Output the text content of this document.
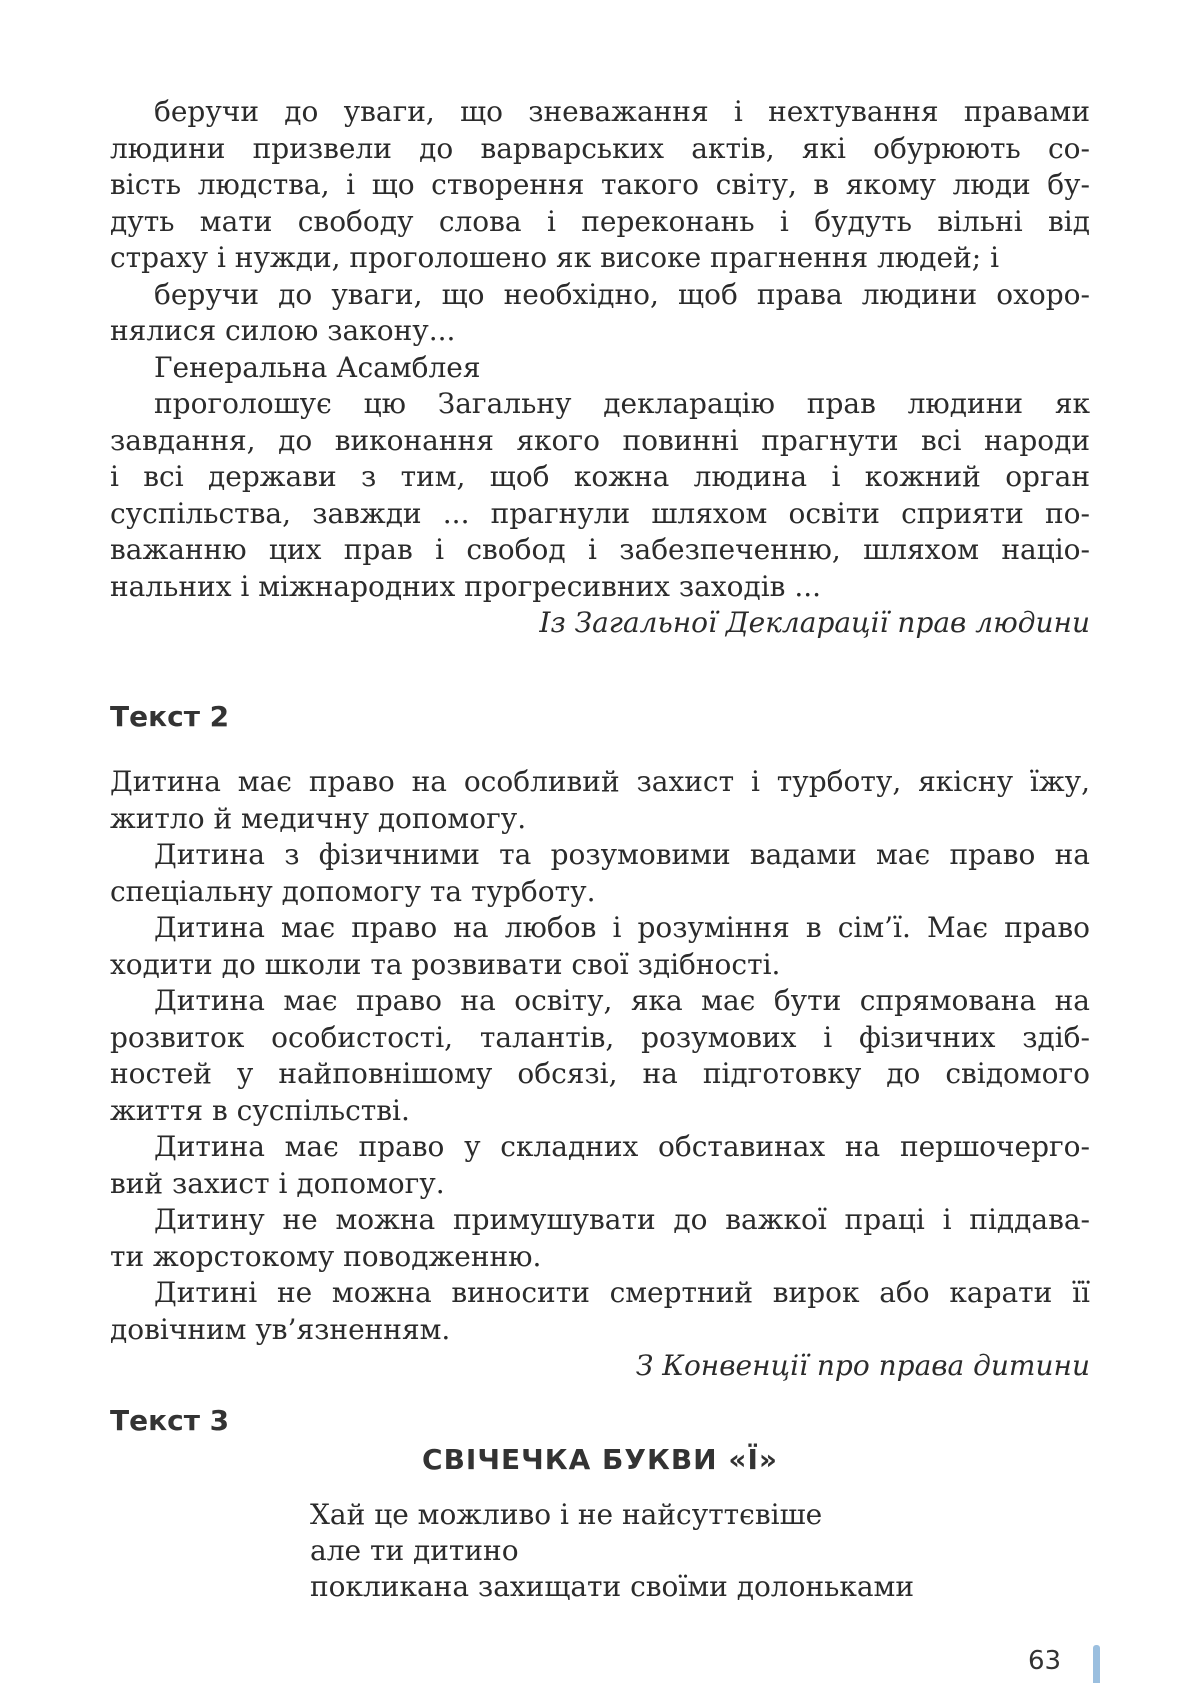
беручи до уваги, що зневажання і нехтування правами
людини призвели до варварських актів, які обурюють со-
вість людства, і що створення такого світу, в якому люди бу-
дуть мати свободу слова і переконань і будуть вільні від
страху і нужди, проголошено як високе прагнення людей; і
беручи до уваги, що необхідно, щоб права людини охоро-
нялися силою закону...
Генеральна Асамблея
проголошує цю Загальну декларацію прав людини як
завдання, до виконання якого повинні прагнути всі народи
і всі держави з тим, щоб кожна людина і кожний орган
суспільства, завжди ... прагнули шляхом освіти сприяти по-
важанню цих прав і свобод і забезпеченню, шляхом націо-
нальних і міжнародних прогресивних заходів ...
Із Загальної Декларації прав людини
Текст 2
Дитина має право на особливий захист і турботу, якісну їжу,
житло й медичну допомогу.
Дитина з фізичними та розумовими вадами має право на
спеціальну допомогу та турботу.
Дитина має право на любов і розуміння в сім’ї. Має право
ходити до школи та розвивати свої здібності.
Дитина має право на освіту, яка має бути спрямована на
розвиток особистості, талантів, розумових і фізичних здіб-
ностей у найповнішому обсязі, на підготовку до свідомого
життя в суспільстві.
Дитина має право у складних обставинах на першочерго-
вий захист і допомогу.
Дитину не можна примушувати до важкої праці і піддава-
ти жорстокому поводженню.
Дитині не можна виносити смертний вирок або карати її
довічним ув’язненням.
З Конвенції про права дитини
Текст 3
СВІЧЕЧКА БУКВИ «Ї»
Хай це можливо і не найсуттєвіше
але ти дитино
покликана захищати своїми долоньками
63
